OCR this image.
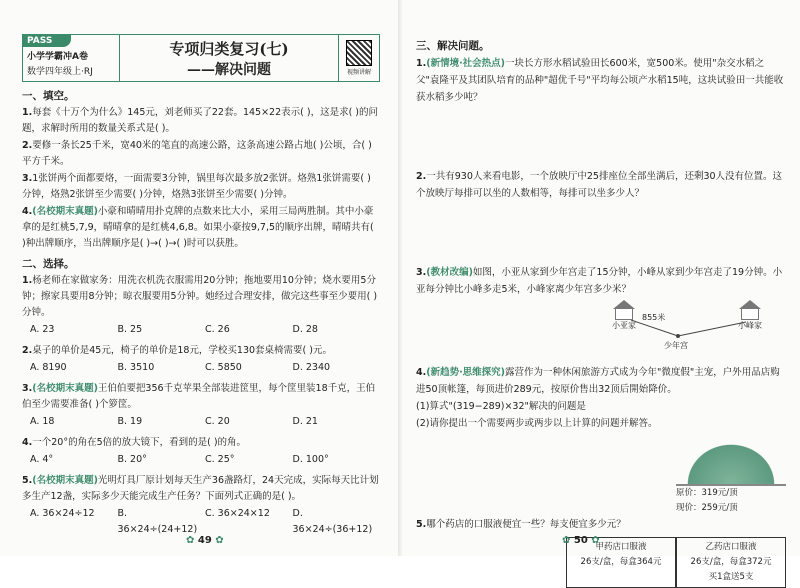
PASS
小学学霸冲A卷
数学四年级上·RJ
专项归类复习(七)
——解决问题	视频讲解
一、填空。

1.每套《十万个为什么》145元，刘老师买了22套。145×22表示( )，这是求( )的问题，求解时所用的数量关系式是( )。

2.要修一条长25千米，宽40米的笔直的高速公路，这条高速公路占地( )公顷，合( )平方千米。

3.1张饼两个面都要烙，一面需要3分钟，锅里每次最多放2张饼。烙熟1张饼需要( )分钟，烙熟2张饼至少需要( )分钟，烙熟3张饼至少需要( )分钟。

4.(名校期末真题)小豪和晴晴用扑克牌的点数来比大小，采用三局两胜制。其中小豪拿的是红桃5,7,9，晴晴拿的是红桃4,6,8。如果小豪按9,7,5的顺序出牌，晴晴共有( )种出牌顺序，当出牌顺序是( )→( )→( )时可以获胜。

二、选择。

1.杨老师在家做家务：用洗衣机洗衣服需用20分钟；拖地要用10分钟；烧水要用5分钟；擦家具要用8分钟；晾衣服要用5分钟。她经过合理安排，做完这些事至少要用( )分钟。

A. 23	B. 25	C. 26	D. 28

2.桌子的单价是45元，椅子的单价是18元，学校买130套桌椅需要( )元。

A. 8190	B. 3510	C. 5850	D. 2340

3.(名校期末真题)王伯伯要把356千克苹果全部装进筐里，每个筐里装18千克，王伯伯至少需要准备( )个箩筐。

A. 18	B. 19	C. 20	D. 21

4.一个20°的角在5倍的放大镜下，看到的是( )的角。

A. 4°	B. 20°	C. 25°	D. 100°

5.(名校期末真题)光明灯具厂原计划每天生产36盏路灯，24天完成，实际每天比计划多生产12盏，实际多少天能完成生产任务？下面列式正确的是( )。

A. 36×24÷12	B. 36×24÷(24+12)
C. 36×24×12	D. 36×24÷(36+12)
✿ 49 ✿
三、解决问题。

1.(新情境·社会热点)一块长方形水稻试验田长600米，宽500米。使用"杂交水稻之父"袁隆平及其团队培育的品种"超优千号"平均每公顷产水稻15吨，这块试验田一共能收获水稻多少吨？

2.一共有930人来看电影，一个放映厅中25排座位全部坐满后，还剩30人没有位置。这个放映厅每排可以坐的人数相等，每排可以坐多少人？

3.(教材改编)如图，小亚从家到少年宫走了15分钟，小峰从家到少年宫走了19分钟。小亚每分钟比小峰多走5米，小峰家离少年宫多少米？

小亚家	小峰家
855米
少年宫

4.(新趋势·思维探究)露营作为一种休闲旅游方式成为今年"微度假"主宠，户外用品店购进50顶帐篷，每顶进价289元，按原价售出32顶后開始降价。

(1)算式"(319−289)×32"解决的问题是

(2)请你提出一个需要两步或两步以上计算的问题并解答。

原价：319元/顶
现价：259元/顶

5.哪个药店的口服液便宜一些？每支便宜多少元？

甲药店口服液
26支/盒，每盒364元
乙药店口服液
26支/盒，每盒372元
买1盒送5支
✿ 50 ✿
